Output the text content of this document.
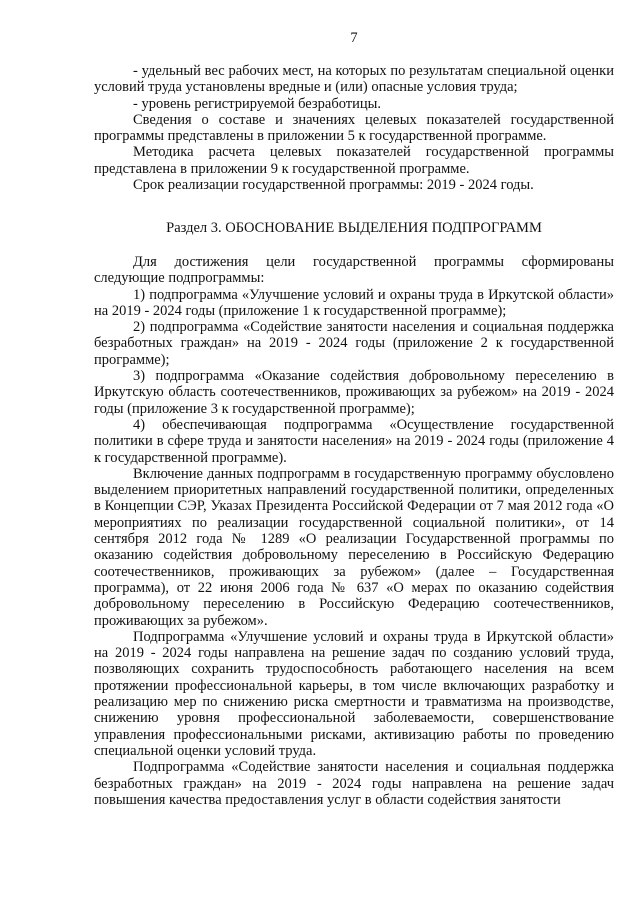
7

- удельный вес рабочих мест, на которых по результатам специальной оценки условий труда установлены вредные и (или) опасные условия труда;

- уровень регистрируемой безработицы.

Сведения о составе и значениях целевых показателей государственной программы представлены в приложении 5 к государственной программе.

Методика расчета целевых показателей государственной программы представлена в приложении 9 к государственной программе.

Срок реализации государственной программы: 2019 - 2024 годы.

Раздел 3. ОБОСНОВАНИЕ ВЫДЕЛЕНИЯ ПОДПРОГРАММ

Для достижения цели государственной программы сформированы следующие подпрограммы:

1) подпрограмма «Улучшение условий и охраны труда в Иркутской области» на 2019 - 2024 годы (приложение 1 к государственной программе);

2) подпрограмма «Содействие занятости населения и социальная поддержка безработных граждан» на 2019 - 2024 годы (приложение 2 к государственной программе);

3) подпрограмма «Оказание содействия добровольному переселению в Иркутскую область соотечественников, проживающих за рубежом» на 2019 - 2024 годы (приложение 3 к государственной программе);

4) обеспечивающая подпрограмма «Осуществление государственной политики в сфере труда и занятости населения» на 2019 - 2024 годы (приложение 4 к государственной программе).

Включение данных подпрограмм в государственную программу обусловлено выделением приоритетных направлений государственной политики, определенных в Концепции СЭР, Указах Президента Российской Федерации от 7 мая 2012 года «О мероприятиях по реализации государственной социальной политики», от 14 сентября 2012 года № 1289 «О реализации Государственной программы по оказанию содействия добровольному переселению в Российскую Федерацию соотечественников, проживающих за рубежом» (далее – Государственная программа), от 22 июня 2006 года № 637 «О мерах по оказанию содействия добровольному переселению в Российскую Федерацию соотечественников, проживающих за рубежом».

Подпрограмма «Улучшение условий и охраны труда в Иркутской области» на 2019 - 2024 годы направлена на решение задач по созданию условий труда, позволяющих сохранить трудоспособность работающего населения на всем протяжении профессиональной карьеры, в том числе включающих разработку и реализацию мер по снижению риска смертности и травматизма на производстве, снижению уровня профессиональной заболеваемости, совершенствование управления профессиональными рисками, активизацию работы по проведению специальной оценки условий труда.

Подпрограмма «Содействие занятости населения и социальная поддержка безработных граждан» на 2019 - 2024 годы направлена на решение задач повышения качества предоставления услуг в области содействия занятости
